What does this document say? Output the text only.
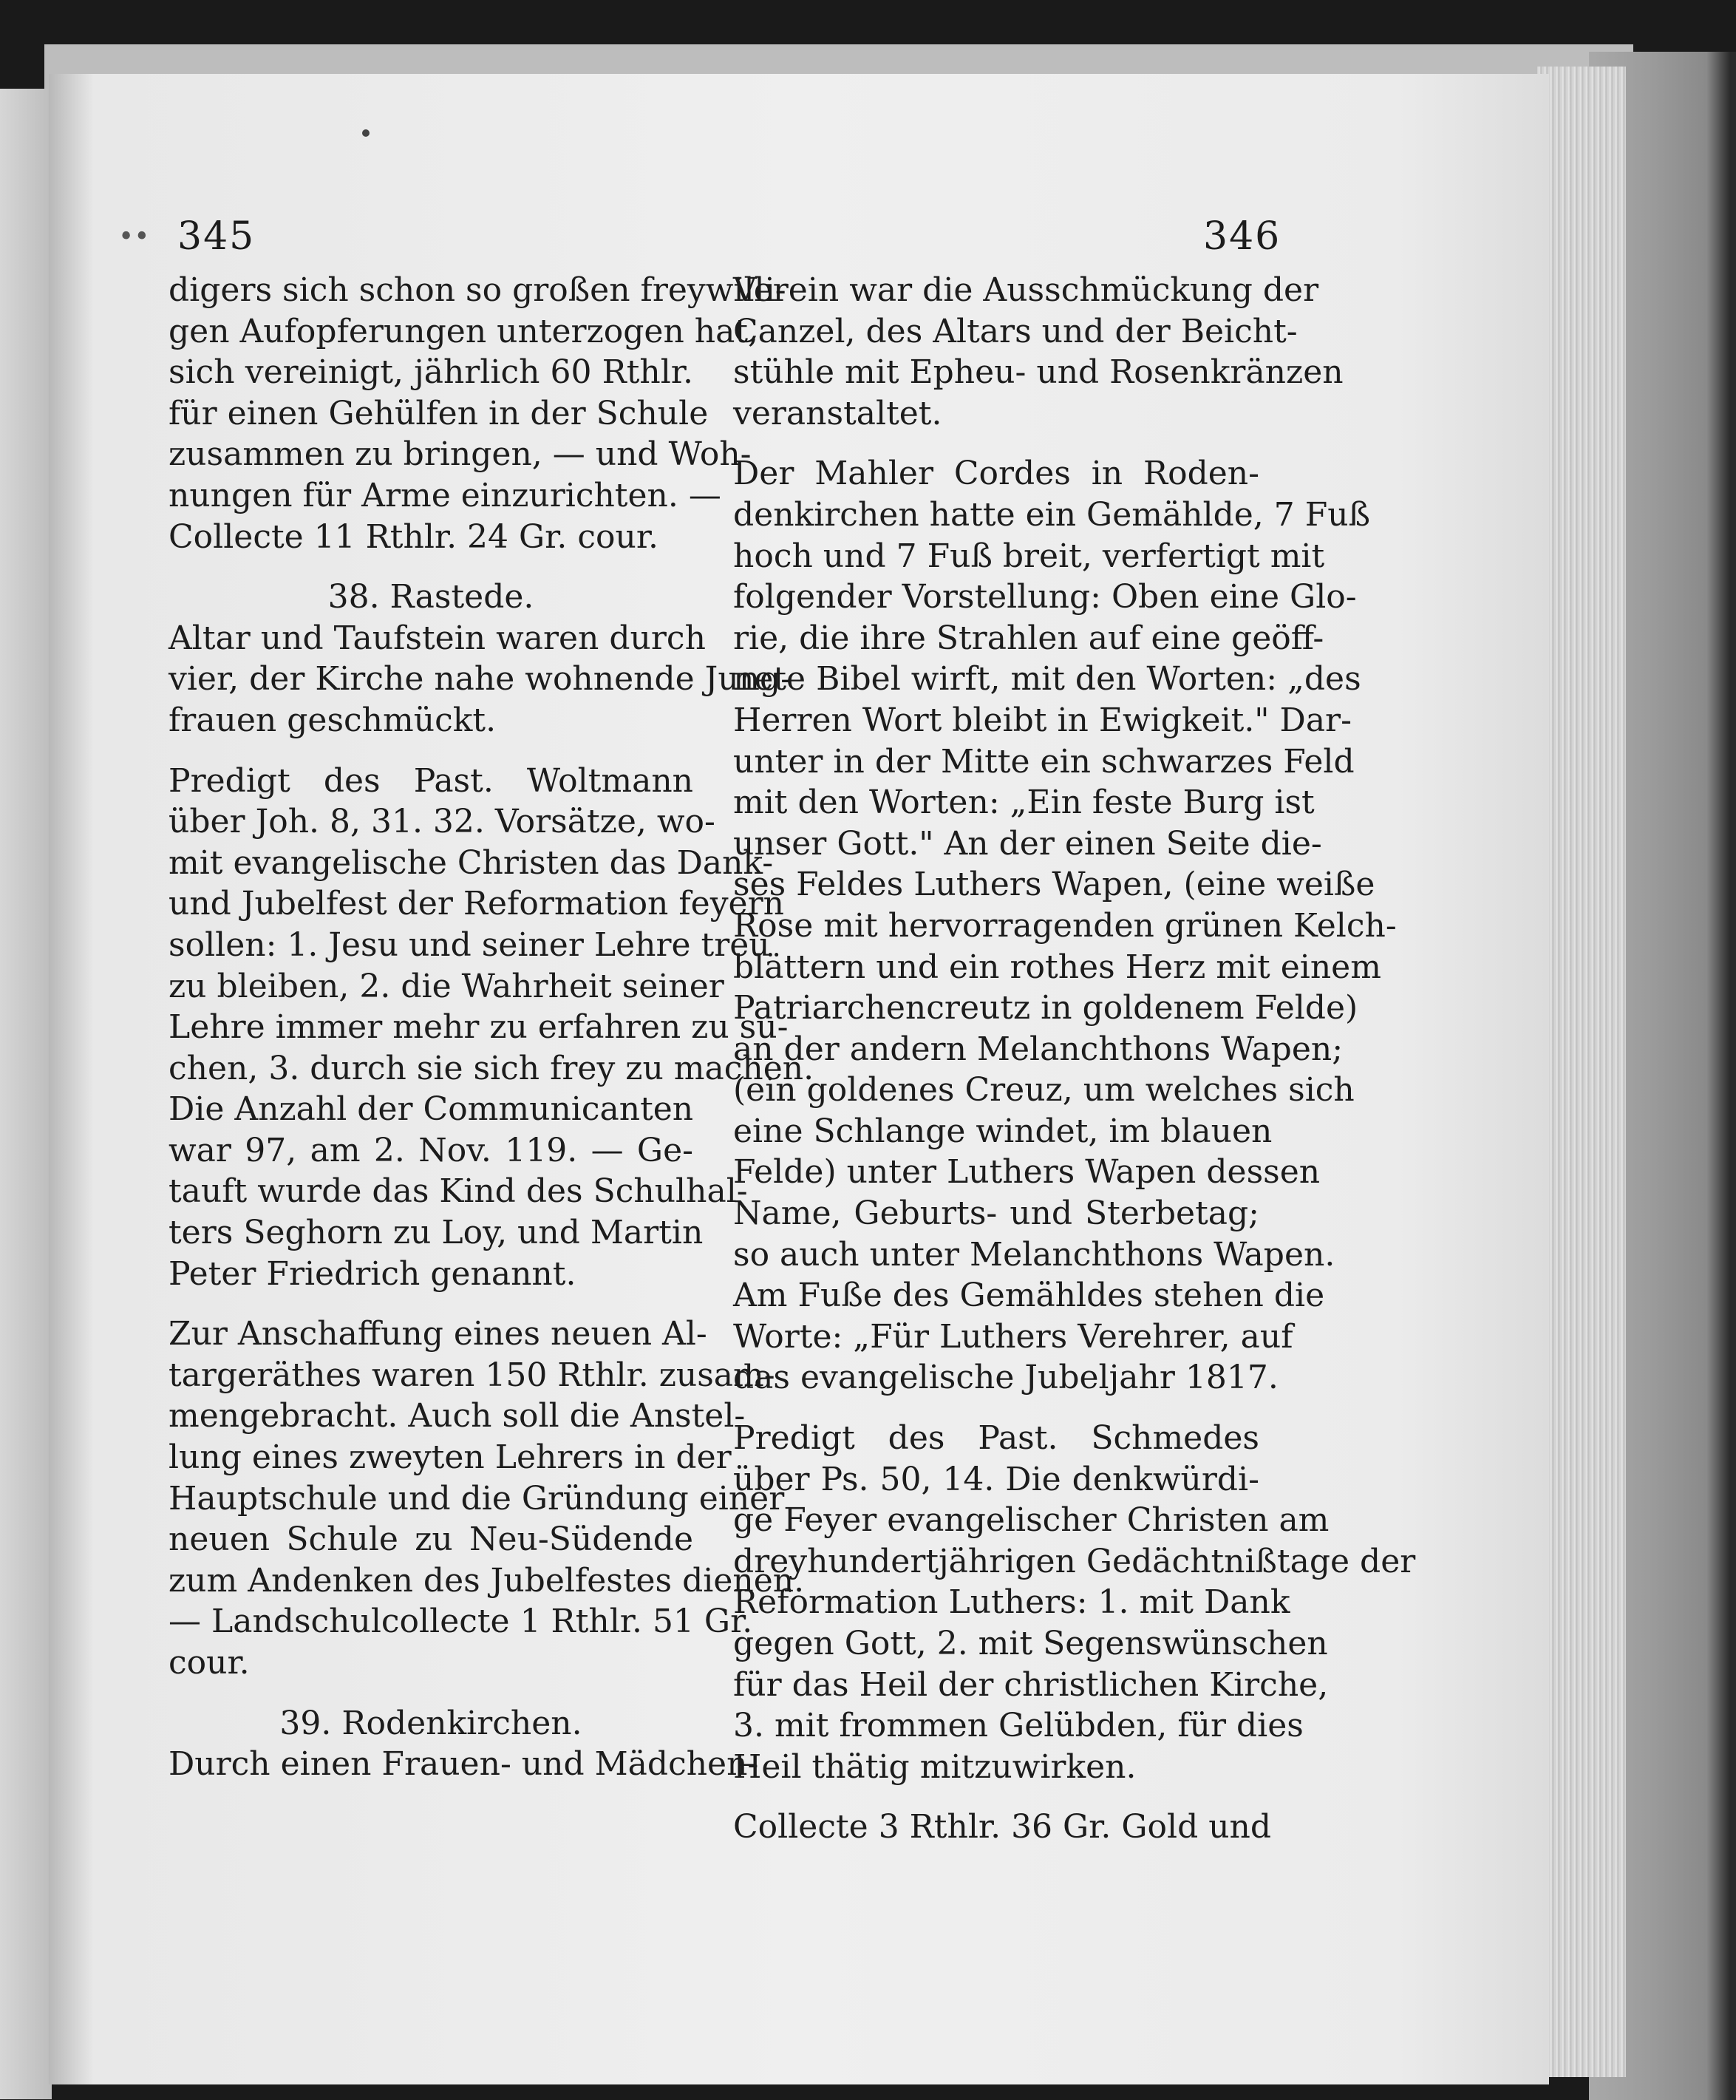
•• 345	346
digers sich schon so großen freywilli-
gen Aufopferungen unterzogen hat,
sich vereinigt, jährlich 60 Rthlr.
für einen Gehülfen in der Schule
zusammen zu bringen, — und Woh-
nungen für Arme einzurichten. —
Collecte 11 Rthlr. 24 Gr. cour.
38. Rastede.
Altar und Taufstein waren durch
vier, der Kirche nahe wohnende Jung-
frauen geschmückt.
Predigt des Past. Woltmann
über Joh. 8, 31. 32. Vorsätze, wo-
mit evangelische Christen das Dank-
und Jubelfest der Reformation feyern
sollen: 1. Jesu und seiner Lehre treu
zu bleiben, 2. die Wahrheit seiner
Lehre immer mehr zu erfahren zu su-
chen, 3. durch sie sich frey zu machen.
Die Anzahl der Communicanten
war 97, am 2. Nov. 119. — Ge-
tauft wurde das Kind des Schulhal-
ters Seghorn zu Loy, und Martin
Peter Friedrich genannt.
Zur Anschaffung eines neuen Al-
targeräthes waren 150 Rthlr. zusam-
mengebracht. Auch soll die Anstel-
lung eines zweyten Lehrers in der
Hauptschule und die Gründung einer
neuen Schule zu Neu-Südende
zum Andenken des Jubelfestes dienen.
— Landschulcollecte 1 Rthlr. 51 Gr.
cour.
39. Rodenkirchen.
Durch einen Frauen- und Mädchen-
Verein war die Ausschmückung der
Canzel, des Altars und der Beicht-
stühle mit Epheu- und Rosenkränzen
veranstaltet.
Der Mahler Cordes in Roden-
denkirchen hatte ein Gemählde, 7 Fuß
hoch und 7 Fuß breit, verfertigt mit
folgender Vorstellung: Oben eine Glo-
rie, die ihre Strahlen auf eine geöff-
nete Bibel wirft, mit den Worten: „des
Herren Wort bleibt in Ewigkeit." Dar-
unter in der Mitte ein schwarzes Feld
mit den Worten: „Ein feste Burg ist
unser Gott." An der einen Seite die-
ses Feldes Luthers Wapen, (eine weiße
Rose mit hervorragenden grünen Kelch-
blättern und ein rothes Herz mit einem
Patriarchencreutz in goldenem Felde)
an der andern Melanchthons Wapen;
(ein goldenes Creuz, um welches sich
eine Schlange windet, im blauen
Felde) unter Luthers Wapen dessen
Name, Geburts- und Sterbetag;
so auch unter Melanchthons Wapen.
Am Fuße des Gemähldes stehen die
Worte: „Für Luthers Verehrer, auf
das evangelische Jubeljahr 1817.
Predigt des Past. Schmedes
über Ps. 50, 14. Die denkwürdi-
ge Feyer evangelischer Christen am
dreyhundertjährigen Gedächtnißtage der
Reformation Luthers: 1. mit Dank
gegen Gott, 2. mit Segenswünschen
für das Heil der christlichen Kirche,
3. mit frommen Gelübden, für dies
Heil thätig mitzuwirken.
Collecte 3 Rthlr. 36 Gr. Gold und
